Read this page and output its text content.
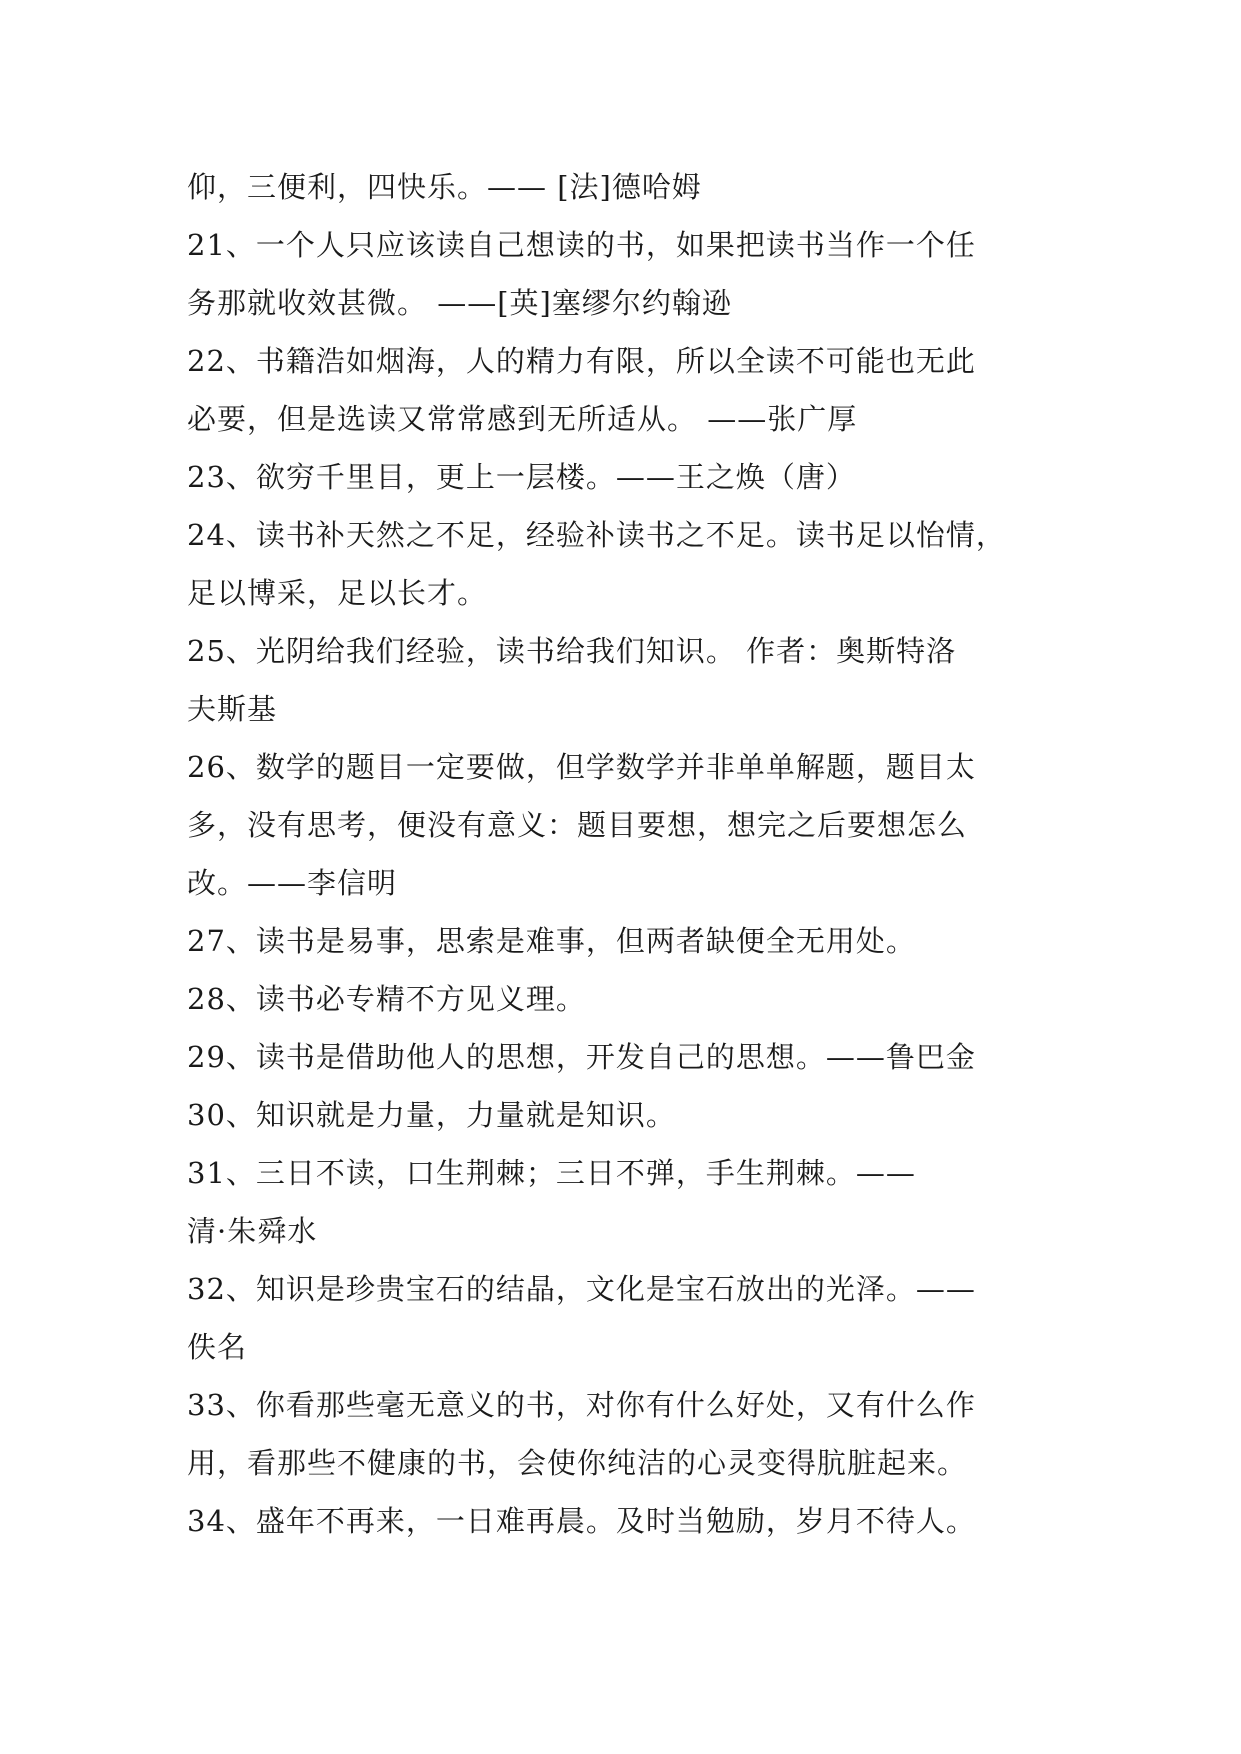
仰，三便利，四快乐。—— [法]德哈姆
21、一个人只应该读自己想读的书，如果把读书当作一个任
务那就收效甚微。 ——[英]塞缪尔约翰逊
22、书籍浩如烟海，人的精力有限，所以全读不可能也无此
必要，但是选读又常常感到无所适从。 ——张广厚
23、欲穷千里目，更上一层楼。——王之焕（唐）
24、读书补天然之不足，经验补读书之不足。读书足以怡情，
足以博采，足以长才。
25、光阴给我们经验，读书给我们知识。 作者：奥斯特洛
夫斯基
26、数学的题目一定要做，但学数学并非单单解题，题目太
多，没有思考，便没有意义：题目要想，想完之后要想怎么
改。——李信明
27、读书是易事，思索是难事，但两者缺便全无用处。
28、读书必专精不方见义理。
29、读书是借助他人的思想，开发自己的思想。——鲁巴金
30、知识就是力量，力量就是知识。
31、三日不读，口生荆棘；三日不弹，手生荆棘。——
清·朱舜水
32、知识是珍贵宝石的结晶，文化是宝石放出的光泽。——
佚名
33、你看那些毫无意义的书，对你有什么好处，又有什么作
用，看那些不健康的书，会使你纯洁的心灵变得肮脏起来。
34、盛年不再来，一日难再晨。及时当勉励，岁月不待人。
